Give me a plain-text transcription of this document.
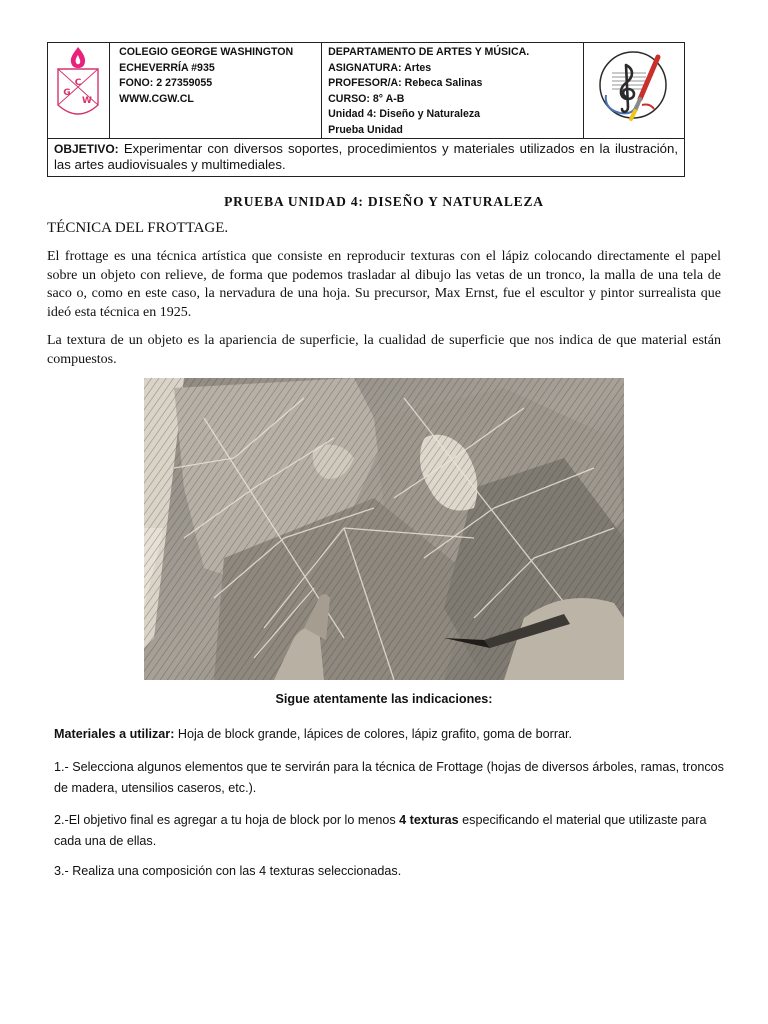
C
G
W

COLEGIO GEORGE WASHINGTON
ECHEVERRÍA #935
FONO: 2 27359055
WWW.CGW.CL

DEPARTAMENTO DE ARTES Y MÚSICA.
ASIGNATURA: Artes
PROFESOR/A: Rebeca Salinas
CURSO: 8° A-B
Unidad 4: Diseño y Naturaleza
Prueba Unidad

OBJETIVO: Experimentar con diversos soportes, procedimientos y materiales utilizados en la ilustración, las artes audiovisuales y multimediales.
PRUEBA UNIDAD 4: DISEÑO Y NATURALEZA
TÉCNICA DEL FROTTAGE.

El frottage es una técnica artística que consiste en reproducir texturas con el lápiz colocando directamente el papel sobre un objeto con relieve, de forma que podemos trasladar al dibujo las vetas de un tronco, la malla de una tela de saco o, como en este caso, la nervadura de una hoja. Su precursor, Max Ernst, fue el escultor y pintor surrealista que ideó esta técnica en 1925.

La textura de un objeto es la apariencia de superficie, la cualidad de superficie que nos indica de que material están compuestos.

Sigue atentamente las indicaciones:

Materiales a utilizar: Hoja de block grande, lápices de colores, lápiz grafito, goma de borrar.

1.- Selecciona algunos elementos que te servirán para la técnica de Frottage (hojas de diversos árboles, ramas, troncos de madera, utensilios caseros, etc.).

2.-El objetivo final es agregar a tu hoja de block por lo menos 4 texturas especificando el material que utilizaste para cada una de ellas.

3.- Realiza una composición con las 4 texturas seleccionadas.
